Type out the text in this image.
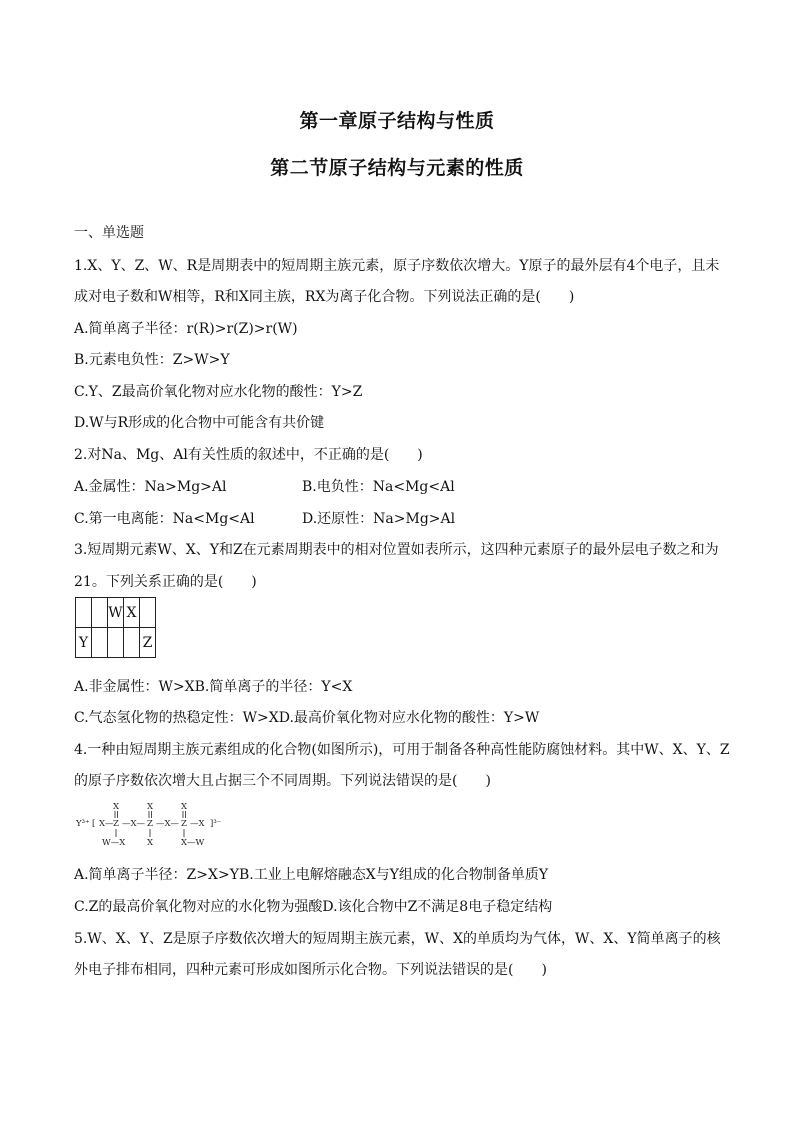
第一章原子结构与性质
第二节原子结构与元素的性质
一、单选题
1.X、Y、Z、W、R是周期表中的短周期主族元素，原子序数依次增大。Y原子的最外层有4个电子，且未
成对电子数和W相等，R和X同主族，RX为离子化合物。下列说法正确的是(　　)
A.简单离子半径：r(R)>r(Z)>r(W)
B.元素电负性：Z>W>Y
C.Y、Z最高价氧化物对应水化物的酸性：Y>Z
D.W与R形成的化合物中可能含有共价键
2.对Na、Mg、Al有关性质的叙述中，不正确的是(　　)
A.金属性：Na>Mg>Al	B.电负性：Na<Mg<Al
C.第一电离能：Na<Mg<Al	D.还原性：Na>Mg>Al
3.短周期元素W、X、Y和Z在元素周期表中的相对位置如表所示，这四种元素原子的最外层电子数之和为
21。下列关系正确的是(　　)
		W	X	
Y				Z
A.非金属性：W>XB.简单离子的半径：Y<X
C.气态氢化物的热稳定性：W>XD.最高价氧化物对应水化物的酸性：Y>W
4.一种由短周期主族元素组成的化合物(如图所示)，可用于制备各种高性能防腐蚀材料。其中W、X、Y、Z
的原子序数依次增大且占据三个不同周期。下列说法错误的是(　　)
X	X	X
Y³⁺ [ X— Z —X— Z —X— Z —X ]³⁻
W—X	X	X—W
A.简单离子半径：Z>X>YB.工业上电解熔融态X与Y组成的化合物制备单质Y
C.Z的最高价氧化物对应的水化物为强酸D.该化合物中Z不满足8电子稳定结构
5.W、X、Y、Z是原子序数依次增大的短周期主族元素，W、X的单质均为气体，W、X、Y简单离子的核
外电子排布相同，四种元素可形成如图所示化合物。下列说法错误的是(　　)
